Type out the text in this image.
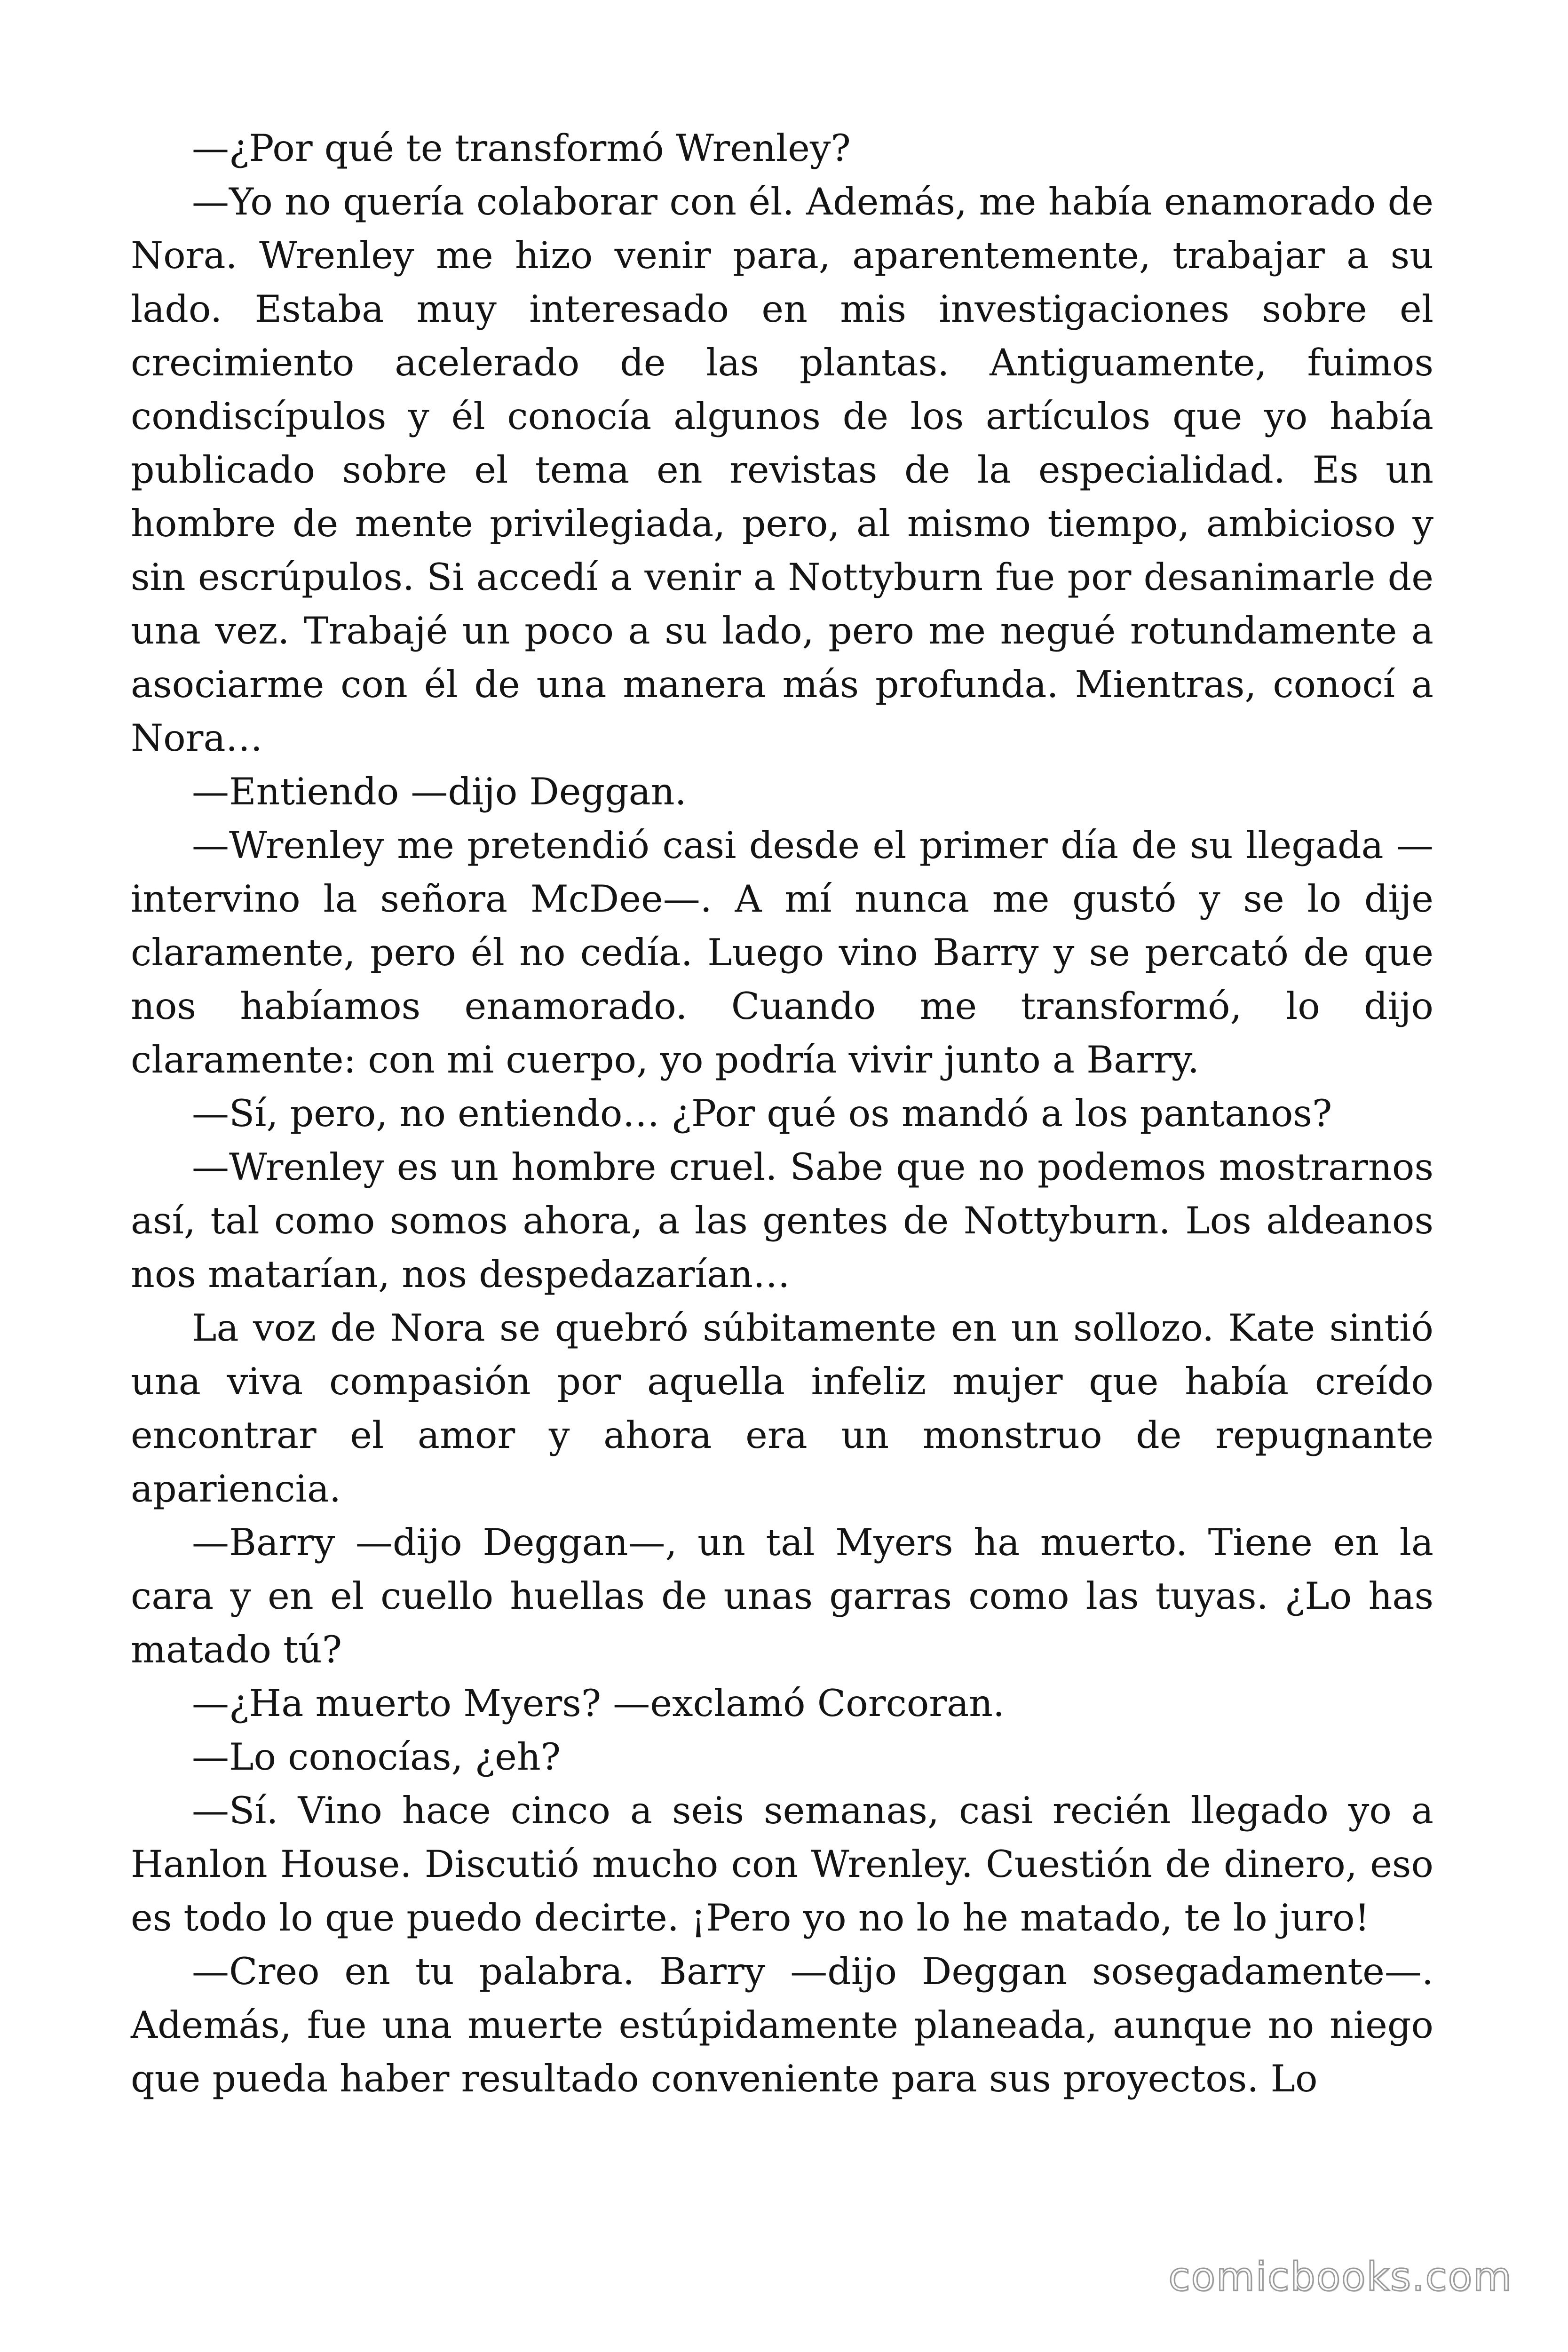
—¿Por qué te transformó Wrenley?

—Yo no quería colaborar con él. Además, me había enamorado de Nora. Wrenley me hizo venir para, aparentemente, trabajar a su lado. Estaba muy interesado en mis investigaciones sobre el crecimiento acelerado de las plantas. Antiguamente, fuimos condiscípulos y él conocía algunos de los artículos que yo había publicado sobre el tema en revistas de la especialidad. Es un hombre de mente privilegiada, pero, al mismo tiempo, ambicioso y sin escrúpulos. Si accedí a venir a Nottyburn fue por desanimarle de una vez. Trabajé un poco a su lado, pero me negué rotundamente a asociarme con él de una manera más profunda. Mientras, conocí a Nora…

—Entiendo —dijo Deggan.

—Wrenley me pretendió casi desde el primer día de su llegada —intervino la señora McDee—. A mí nunca me gustó y se lo dije claramente, pero él no cedía. Luego vino Barry y se percató de que nos habíamos enamorado. Cuando me transformó, lo dijo claramente: con mi cuerpo, yo podría vivir junto a Barry.

—Sí, pero, no entiendo… ¿Por qué os mandó a los pantanos?

—Wrenley es un hombre cruel. Sabe que no podemos mostrarnos así, tal como somos ahora, a las gentes de Nottyburn. Los aldeanos nos matarían, nos despedazarían…

La voz de Nora se quebró súbitamente en un sollozo. Kate sintió una viva compasión por aquella infeliz mujer que había creído encontrar el amor y ahora era un monstruo de repugnante apariencia.

—Barry —dijo Deggan—, un tal Myers ha muerto. Tiene en la cara y en el cuello huellas de unas garras como las tuyas. ¿Lo has matado tú?

—¿Ha muerto Myers? —exclamó Corcoran.

—Lo conocías, ¿eh?

—Sí. Vino hace cinco a seis semanas, casi recién llegado yo a Hanlon House. Discutió mucho con Wrenley. Cuestión de dinero, eso es todo lo que puedo decirte. ¡Pero yo no lo he matado, te lo juro!

—Creo en tu palabra. Barry —dijo Deggan sosegadamente—. Además, fue una muerte estúpidamente planeada, aunque no niego que pueda haber resultado conveniente para sus proyectos. Lo

comicbooks.com
